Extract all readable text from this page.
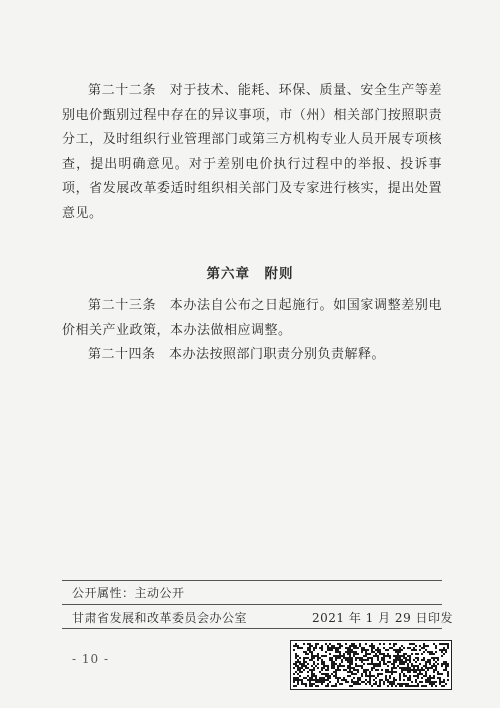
第二十二条　对于技术、能耗、环保、质量、安全生产等差别电价甄别过程中存在的异议事项，市（州）相关部门按照职责分工，及时组织行业管理部门或第三方机构专业人员开展专项核查，提出明确意见。对于差别电价执行过程中的举报、投诉事项，省发展改革委适时组织相关部门及专家进行核实，提出处置意见。

第六章　附则

第二十三条　本办法自公布之日起施行。如国家调整差别电价相关产业政策，本办法做相应调整。

第二十四条　本办法按照部门职责分别负责解释。

公开属性：主动公开
甘肃省发展和改革委员会办公室	2021 年 1 月 29 日印发
- 10 -
